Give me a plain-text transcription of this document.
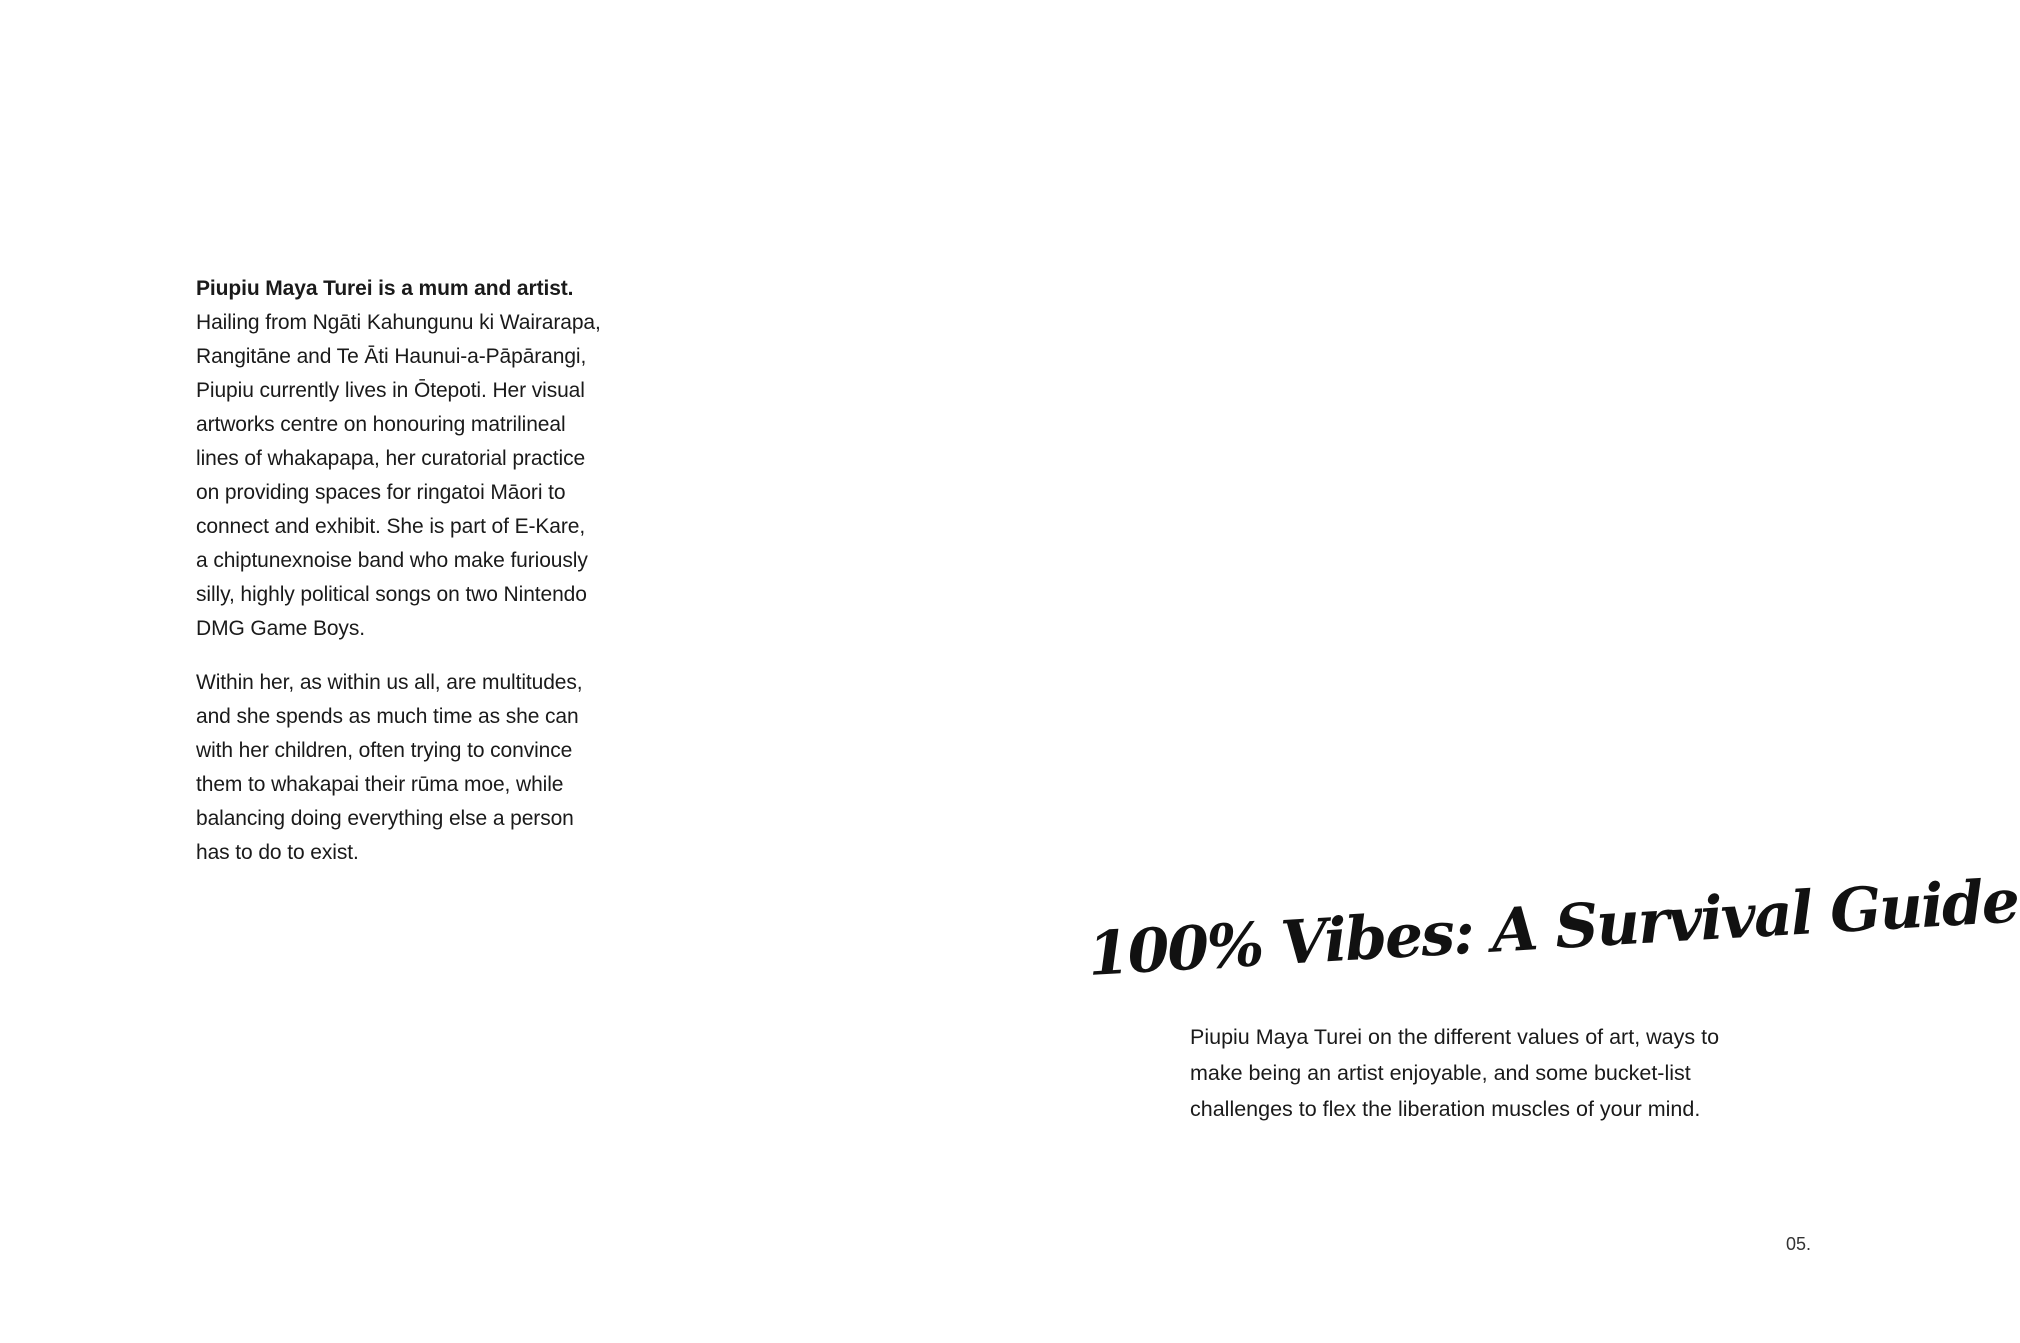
Piupiu Maya Turei is a mum and artist.
Hailing from Ngāti Kahungunu ki Wairarapa,
Rangitāne and Te Āti Haunui-a-Pāpārangi,
Piupiu currently lives in Ōtepoti. Her visual
artworks centre on honouring matrilineal
lines of whakapapa, her curatorial practice
on providing spaces for ringatoi Māori to
connect and exhibit. She is part of E-Kare,
a chiptunexnoise band who make furiously
silly, highly political songs on two Nintendo
DMG Game Boys.

Within her, as within us all, are multitudes,
and she spends as much time as she can
with her children, often trying to convince
them to whakapai their rūma moe, while
balancing doing everything else a person
has to do to exist.

100% Vibes: A Survival Guide

Piupiu Maya Turei on the different values of art, ways to
make being an artist enjoyable, and some bucket-list
challenges to flex the liberation muscles of your mind.

05.
